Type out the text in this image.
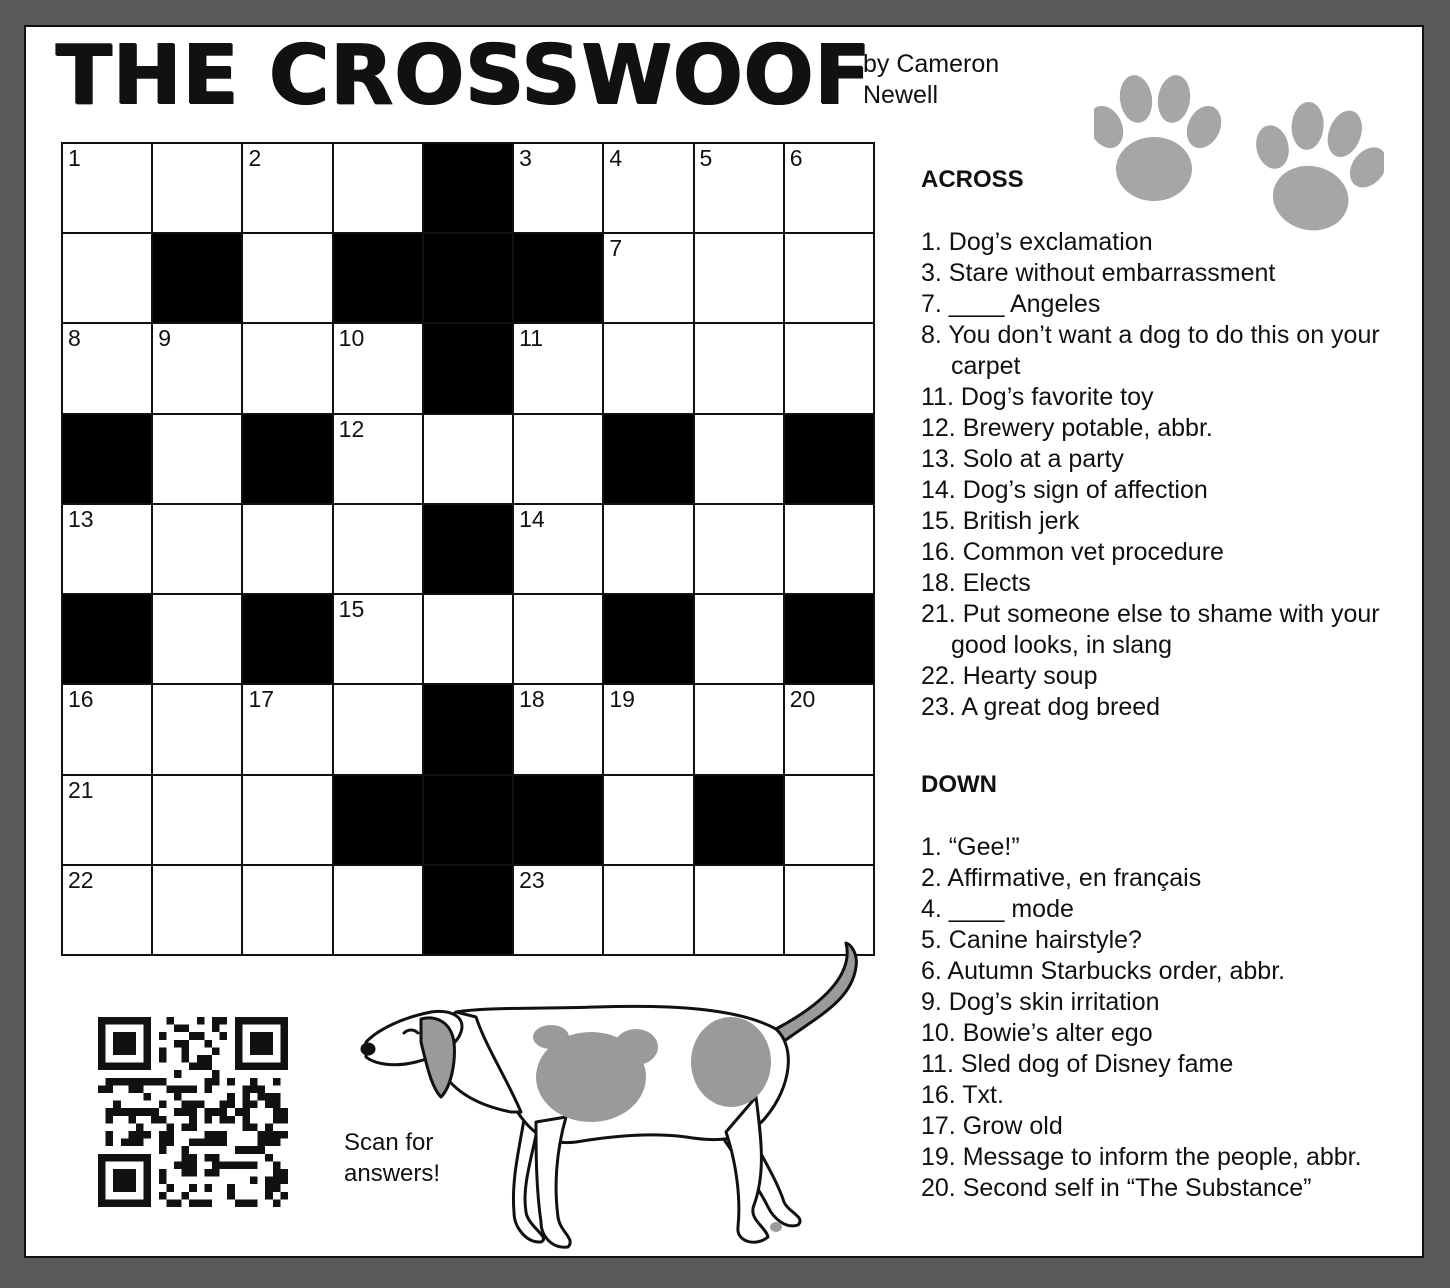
THE CROSSWOOF
by Cameron Newell
1	2	3	4	5	6
7
8	9	10	11
12
13	14
15
16	17	18	19	20
21
22	23
ACROSS
1. Dog’s exclamation
3. Stare without embarrassment
7. ____ Angeles
8. You don’t want a dog to do this on your carpet
11. Dog’s favorite toy
12. Brewery potable, abbr.
13. Solo at a party
14. Dog’s sign of affection
15. British jerk
16. Common vet procedure
18. Elects
21. Put someone else to shame with your good looks, in slang
22. Hearty soup
23. A great dog breed
DOWN
1. “Gee!”
2. Affirmative, en français
4. ____ mode
5. Canine hairstyle?
6. Autumn Starbucks order, abbr.
9. Dog’s skin irritation
10. Bowie’s alter ego
11. Sled dog of Disney fame
16. Txt.
17. Grow old
19. Message to inform the people, abbr.
20. Second self in “The Substance”
Scan for answers!
